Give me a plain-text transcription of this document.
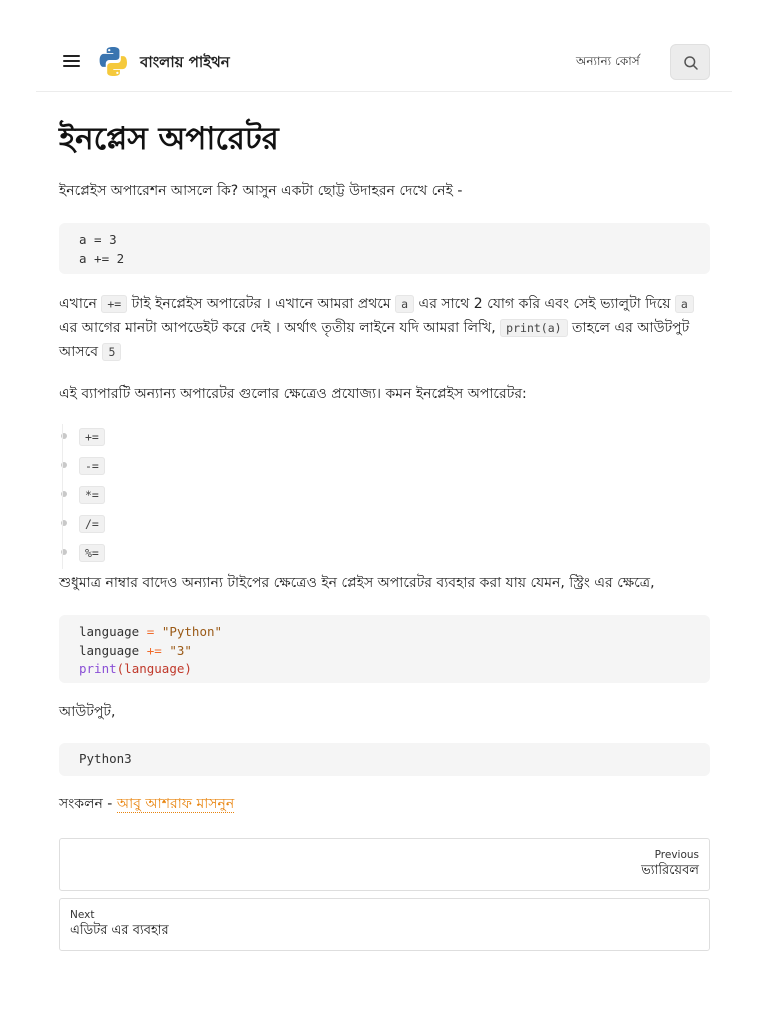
বাংলায় পাইথন	অন্যান্য কোর্স
ইনপ্লেস অপারেটর

ইনপ্লেইস অপারেশন আসলে কি? আসুন একটা ছোট্ট উদাহরন দেখে নেই -

a = 3
a += 2

এখানে += টাই ইনপ্লেইস অপারেটর । এখানে আমরা প্রথমে a এর সাথে 2 যোগ করি এবং সেই ভ্যালুটা দিয়ে a এর আগের মানটা আপডেইট করে দেই । অর্থাৎ তৃতীয় লাইনে যদি আমরা লিখি, print(a) তাহলে এর আউটপুট আসবে 5

এই ব্যাপারটি অন্যান্য অপারেটর গুলোর ক্ষেত্রেও প্রযোজ্য। কমন ইনপ্লেইস অপারেটর:

+=
-=
*=
/=
%=

শুধুমাত্র নাম্বার বাদেও অন্যান্য টাইপের ক্ষেত্রেও ইন প্লেইস অপারেটর ব্যবহার করা যায় যেমন, স্ট্রিং এর ক্ষেত্রে,

language = "Python"
language += "3"
print(language)

আউটপুট,

Python3

সংকলন - আবু আশরাফ মাসনুন

Previous
ভ্যারিয়েবল
Next
এডিটর এর ব্যবহার
